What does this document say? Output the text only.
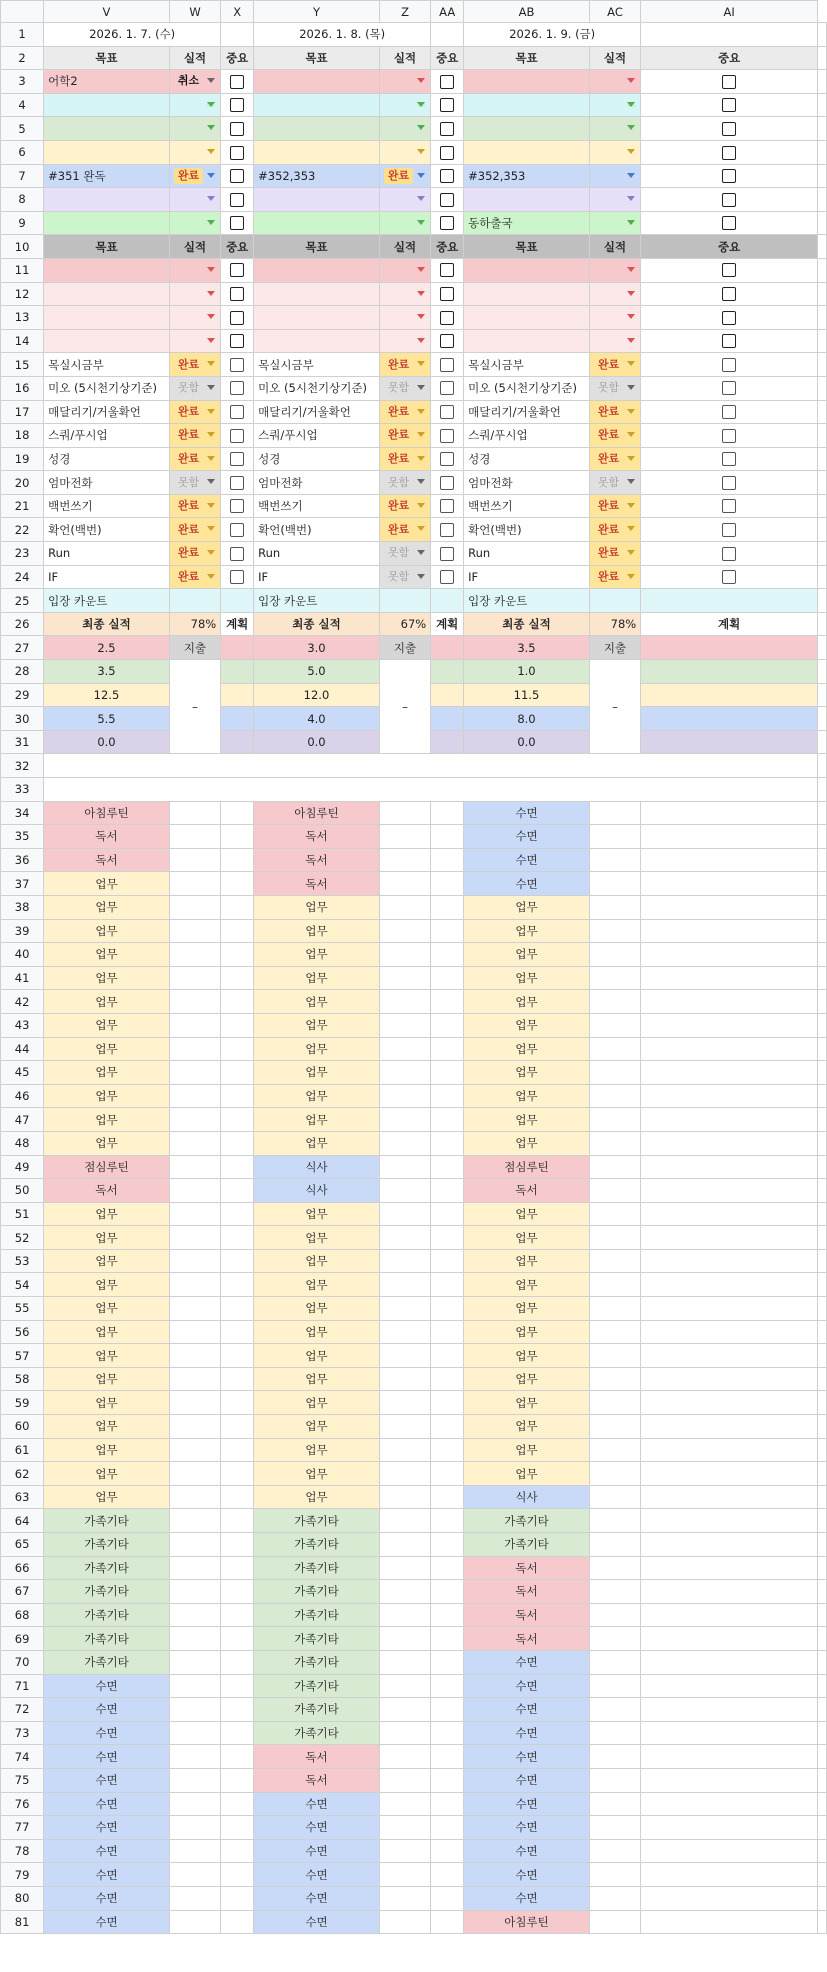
	V	W	X	Y	Z	AA	AB	AC	AI	
1	2026. 1. 7. (수)			2026. 1. 8. (목)			2026. 1. 9. (금)			
2	목표	실적	중요	목표	실적	중요	목표	실적	중요	
3	어학2	취소

4		

5		

6		

7	#351 완독	완료		#352,353	완료		#352,353	

8		

9							동하출국	

10	목표	실적	중요	목표	실적	중요	목표	실적	중요	
11		

12		

13		

14		

15	목실시금부	완료		목실시금부	완료		목실시금부	완료

16	미오 (5시천기상기준)	못함		미오 (5시천기상기준)	못함		미오 (5시천기상기준)	못함

17	매달리기/거울확언	완료		매달리기/거울확언	완료		매달리기/거울확언	완료

18	스쿼/푸시업	완료		스쿼/푸시업	완료		스쿼/푸시업	완료

19	성경	완료		성경	완료		성경	완료

20	엄마전화	못함		엄마전화	못함		엄마전화	못함

21	백번쓰기	완료		백번쓰기	완료		백번쓰기	완료

22	확언(백번)	완료		확언(백번)	완료		확언(백번)	완료

23	Run	완료		Run	못함		Run	완료

24	IF	완료		IF	못함		IF	완료

25	입장 카운트			입장 카운트			입장 카운트			
26	최종 실적	78%	계획	최종 실적	67%	계획	최종 실적	78%	계획	
27	2.5	지출		3.0	지출		3.5	지출		
28	3.5	–		5.0	–		1.0	–		
29	12.5			12.0			11.5			
30	5.5			4.0			8.0			
31	0.0			0.0			0.0			
32										
33										
34	아침루틴			아침루틴			수면			
35	독서			독서			수면			
36	독서			독서			수면			
37	업무			독서			수면			
38	업무			업무			업무			
39	업무			업무			업무			
40	업무			업무			업무			
41	업무			업무			업무			
42	업무			업무			업무			
43	업무			업무			업무			
44	업무			업무			업무			
45	업무			업무			업무			
46	업무			업무			업무			
47	업무			업무			업무			
48	업무			업무			업무			
49	점심루틴			식사			점심루틴			
50	독서			식사			독서			
51	업무			업무			업무			
52	업무			업무			업무			
53	업무			업무			업무			
54	업무			업무			업무			
55	업무			업무			업무			
56	업무			업무			업무			
57	업무			업무			업무			
58	업무			업무			업무			
59	업무			업무			업무			
60	업무			업무			업무			
61	업무			업무			업무			
62	업무			업무			업무			
63	업무			업무			식사			
64	가족기타			가족기타			가족기타			
65	가족기타			가족기타			가족기타			
66	가족기타			가족기타			독서			
67	가족기타			가족기타			독서			
68	가족기타			가족기타			독서			
69	가족기타			가족기타			독서			
70	가족기타			가족기타			수면			
71	수면			가족기타			수면			
72	수면			가족기타			수면			
73	수면			가족기타			수면			
74	수면			독서			수면			
75	수면			독서			수면			
76	수면			수면			수면			
77	수면			수면			수면			
78	수면			수면			수면			
79	수면			수면			수면			
80	수면			수면			수면			
81	수면			수면			아침루틴			
